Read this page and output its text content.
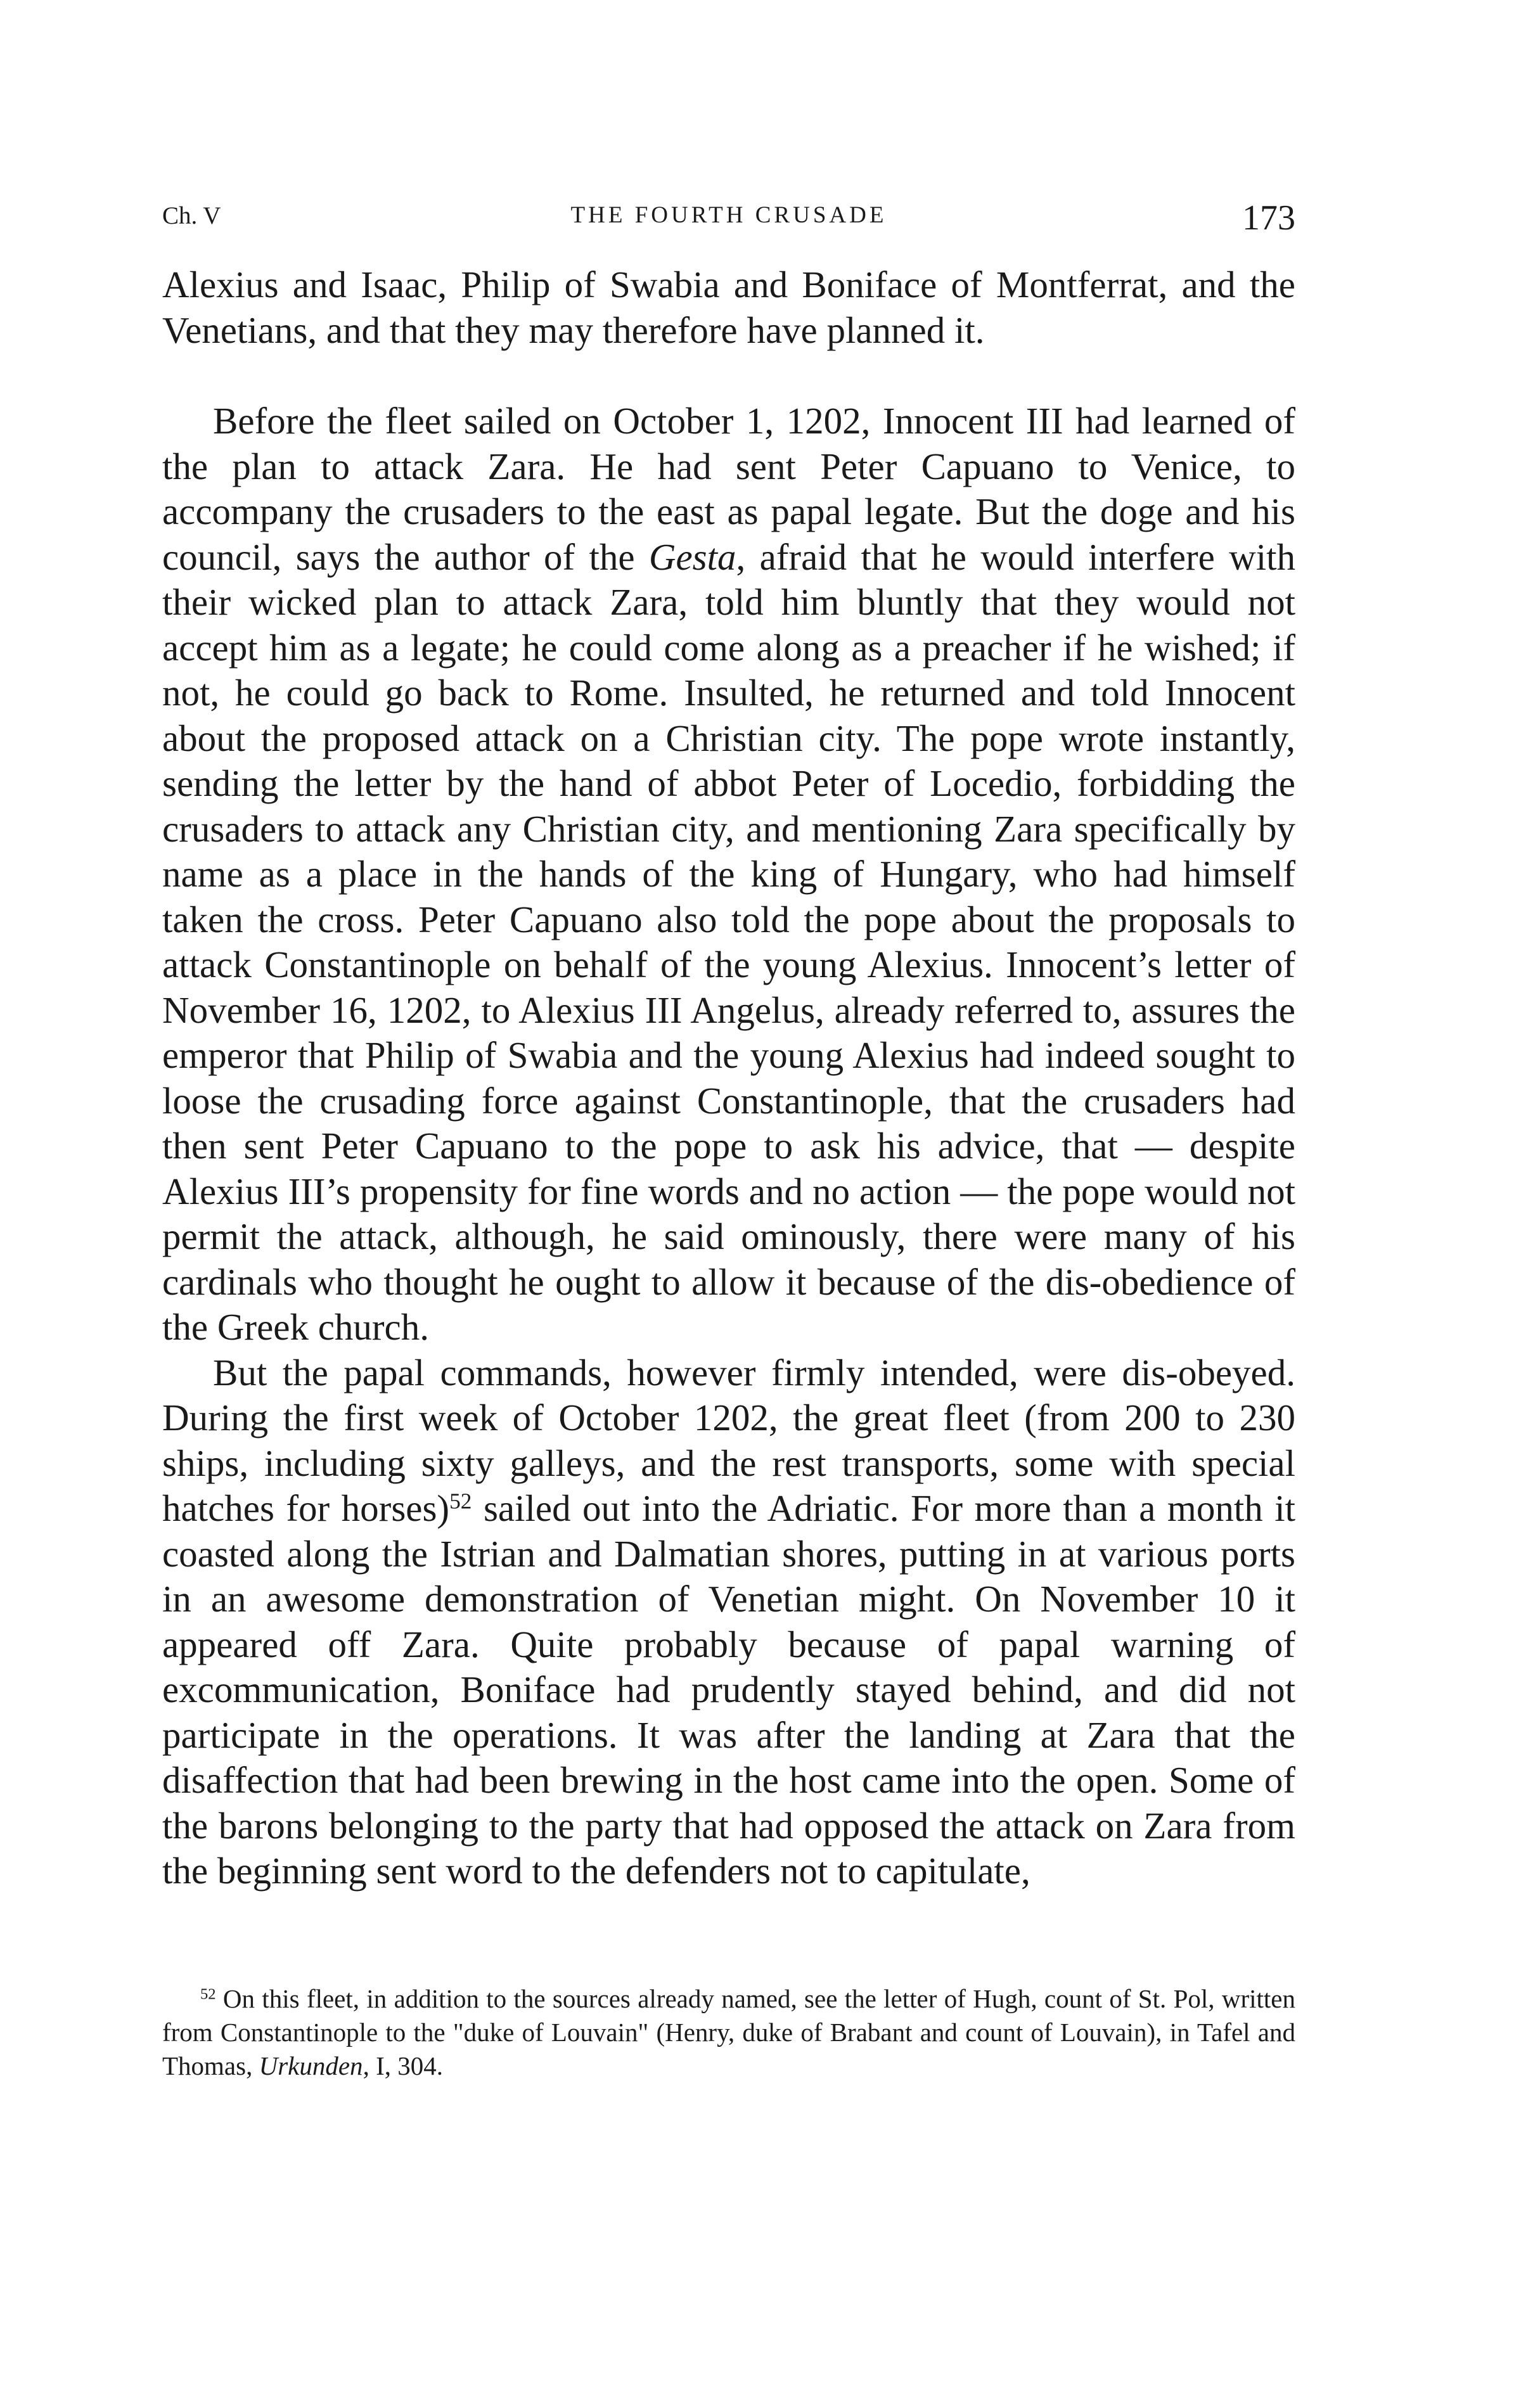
Ch. V	THE FOURTH CRUSADE	173

Alexius and Isaac, Philip of Swabia and Boniface of Montferrat, and the Venetians, and that they may therefore have planned it.

Before the fleet sailed on October 1, 1202, Innocent III had learned of the plan to attack Zara. He had sent Peter Capuano to Venice, to accompany the crusaders to the east as papal legate. But the doge and his council, says the author of the Gesta, afraid that he would interfere with their wicked plan to attack Zara, told him bluntly that they would not accept him as a legate; he could come along as a preacher if he wished; if not, he could go back to Rome. Insulted, he returned and told Innocent about the proposed attack on a Christian city. The pope wrote instantly, sending the letter by the hand of abbot Peter of Locedio, forbidding the crusaders to attack any Christian city, and mentioning Zara specifically by name as a place in the hands of the king of Hungary, who had himself taken the cross. Peter Capuano also told the pope about the proposals to attack Constantinople on behalf of the young Alexius. Innocent’s letter of November 16, 1202, to Alexius III Angelus, already referred to, assures the emperor that Philip of Swabia and the young Alexius had indeed sought to loose the crusading force against Constantinople, that the crusaders had then sent Peter Capuano to the pope to ask his advice, that — despite Alexius III’s propensity for fine words and no action — the pope would not permit the attack, although, he said ominously, there were many of his cardinals who thought he ought to allow it because of the dis-obedience of the Greek church.

But the papal commands, however firmly intended, were dis-obeyed. During the first week of October 1202, the great fleet (from 200 to 230 ships, including sixty galleys, and the rest transports, some with special hatches for horses)$^{52}$ sailed out into the Adriatic. For more than a month it coasted along the Istrian and Dalmatian shores, putting in at various ports in an awesome demonstration of Venetian might. On November 10 it appeared off Zara. Quite probably because of papal warning of excommunication, Boniface had prudently stayed behind, and did not participate in the operations. It was after the landing at Zara that the disaffection that had been brewing in the host came into the open. Some of the barons belonging to the party that had opposed the attack on Zara from the beginning sent word to the defenders not to capitulate,

$^{52}$ On this fleet, in addition to the sources already named, see the letter of Hugh, count of St. Pol, written from Constantinople to the "duke of Louvain" (Henry, duke of Brabant and count of Louvain), in Tafel and Thomas, Urkunden, I, 304.
